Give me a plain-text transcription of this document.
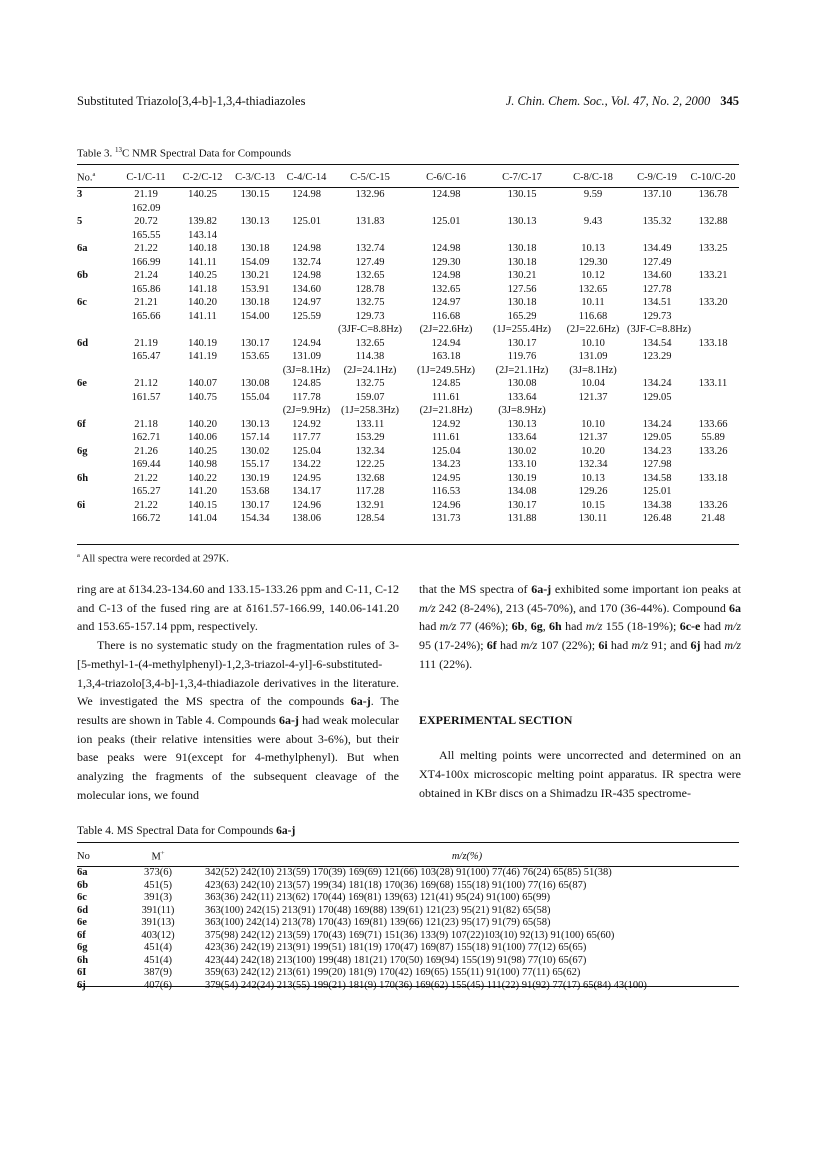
Substituted Triazolo[3,4-b]-1,3,4-thiadiazoles	J. Chin. Chem. Soc., Vol. 47, No. 2, 2000 345
Table 3. $^{13}$C NMR Spectral Data for Compounds
No.$^a$	C-1/C-11	C-2/C-12	C-3/C-13	C-4/C-14	C-5/C-15	C-6/C-16	C-7/C-17	C-8/C-18	C-9/C-19	C-10/C-20
3	21.19	140.25	130.15	124.98	132.96	124.98	130.15	9.59	137.10	136.78
	162.09									
5	20.72	139.82	130.13	125.01	131.83	125.01	130.13	9.43	135.32	132.88
	165.55	143.14								
6a	21.22	140.18	130.18	124.98	132.74	124.98	130.18	10.13	134.49	133.25
	166.99	141.11	154.09	132.74	127.49	129.30	130.18	129.30	127.49	
6b	21.24	140.25	130.21	124.98	132.65	124.98	130.21	10.12	134.60	133.21
	165.86	141.18	153.91	134.60	128.78	132.65	127.56	132.65	127.78	
6c	21.21	140.20	130.18	124.97	132.75	124.97	130.18	10.11	134.51	133.20
	165.66	141.11	154.00	125.59	129.73	116.68	165.29	116.68	129.73	
					(3JF-C=8.8Hz)	(2J=22.6Hz)	(1J=255.4Hz)	(2J=22.6Hz)	(3JF-C=8.8Hz)	
6d	21.19	140.19	130.17	124.94	132.65	124.94	130.17	10.10	134.54	133.18
	165.47	141.19	153.65	131.09	114.38	163.18	119.76	131.09	123.29	
				(3J=8.1Hz)	(2J=24.1Hz)	(1J=249.5Hz)	(2J=21.1Hz)	(3J=8.1Hz)		
6e	21.12	140.07	130.08	124.85	132.75	124.85	130.08	10.04	134.24	133.11
	161.57	140.75	155.04	117.78	159.07	111.61	133.64	121.37	129.05	
				(2J=9.9Hz)	(1J=258.3Hz)	(2J=21.8Hz)	(3J=8.9Hz)			
6f	21.18	140.20	130.13	124.92	133.11	124.92	130.13	10.10	134.24	133.66
	162.71	140.06	157.14	117.77	153.29	111.61	133.64	121.37	129.05	55.89
6g	21.26	140.25	130.02	125.04	132.34	125.04	130.02	10.20	134.23	133.26
	169.44	140.98	155.17	134.22	122.25	134.23	133.10	132.34	127.98	
6h	21.22	140.22	130.19	124.95	132.68	124.95	130.19	10.13	134.58	133.18
	165.27	141.20	153.68	134.17	117.28	116.53	134.08	129.26	125.01	
6i	21.22	140.15	130.17	124.96	132.91	124.96	130.17	10.15	134.38	133.26
	166.72	141.04	154.34	138.06	128.54	131.73	131.88	130.11	126.48	21.48
$^a$ All spectra were recorded at 297K.

ring are at δ134.23-134.60 and 133.15-133.26 ppm and C-11, C-12 and C-13 of the fused ring are at δ161.57-166.99, 140.06-141.20 and 153.65-157.14 ppm, respectively.

There is no systematic study on the fragmentation rules of 3-[5-methyl-1-(4-methylphenyl)-1,2,3-triazol-4-yl]-6-substituted-1,3,4-triazolo[3,4-b]-1,3,4-thiadiazole derivatives in the literature. We investigated the MS spectra of the compounds 6a-j. The results are shown in Table 4. Compounds 6a-j had weak molecular ion peaks (their relative intensities were about 3-6%), but their base peaks were 91(except for 4-methylphenyl). But when analyzing the fragments of the subsequent cleavage of the molecular ions, we found

that the MS spectra of 6a-j exhibited some important ion peaks at m/z 242 (8-24%), 213 (45-70%), and 170 (36-44%). Compound 6a had m/z 77 (46%); 6b, 6g, 6h had m/z 155 (18-19%); 6c-e had m/z 95 (17-24%); 6f had m/z 107 (22%); 6i had m/z 91; and 6j had m/z 111 (22%).

EXPERIMENTAL SECTION

All melting points were uncorrected and determined on an XT4-100x microscopic melting point apparatus. IR spectra were obtained in KBr discs on a Shimadzu IR-435 spectrome-

Table 4. MS Spectral Data for Compounds 6a-j
No	M+	m/z(%)
6a	373(6)	342(52) 242(10) 213(59) 170(39) 169(69) 121(66) 103(28) 91(100) 77(46) 76(24) 65(85) 51(38)
6b	451(5)	423(63) 242(10) 213(57) 199(34) 181(18) 170(36) 169(68) 155(18) 91(100) 77(16) 65(87)
6c	391(3)	363(36) 242(11) 213(62) 170(44) 169(81) 139(63) 121(41) 95(24) 91(100) 65(99)
6d	391(11)	363(100) 242(15) 213(91) 170(48) 169(88) 139(61) 121(23) 95(21) 91(82) 65(58)
6e	391(13)	363(100) 242(14) 213(78) 170(43) 169(81) 139(66) 121(23) 95(17) 91(79) 65(58)
6f	403(12)	375(98) 242(12) 213(59) 170(43) 169(71) 151(36) 133(9) 107(22)103(10) 92(13) 91(100) 65(60)
6g	451(4)	423(36) 242(19) 213(91) 199(51) 181(19) 170(47) 169(87) 155(18) 91(100) 77(12) 65(65)
6h	451(4)	423(44) 242(18) 213(100) 199(48) 181(21) 170(50) 169(94) 155(19) 91(98) 77(10) 65(67)
6I	387(9)	359(63) 242(12) 213(61) 199(20) 181(9) 170(42) 169(65) 155(11) 91(100) 77(11) 65(62)
6j	407(6)	379(54) 242(24) 213(55) 199(21) 181(9) 170(36) 169(62) 155(45) 111(22) 91(92) 77(17) 65(84) 43(100)
